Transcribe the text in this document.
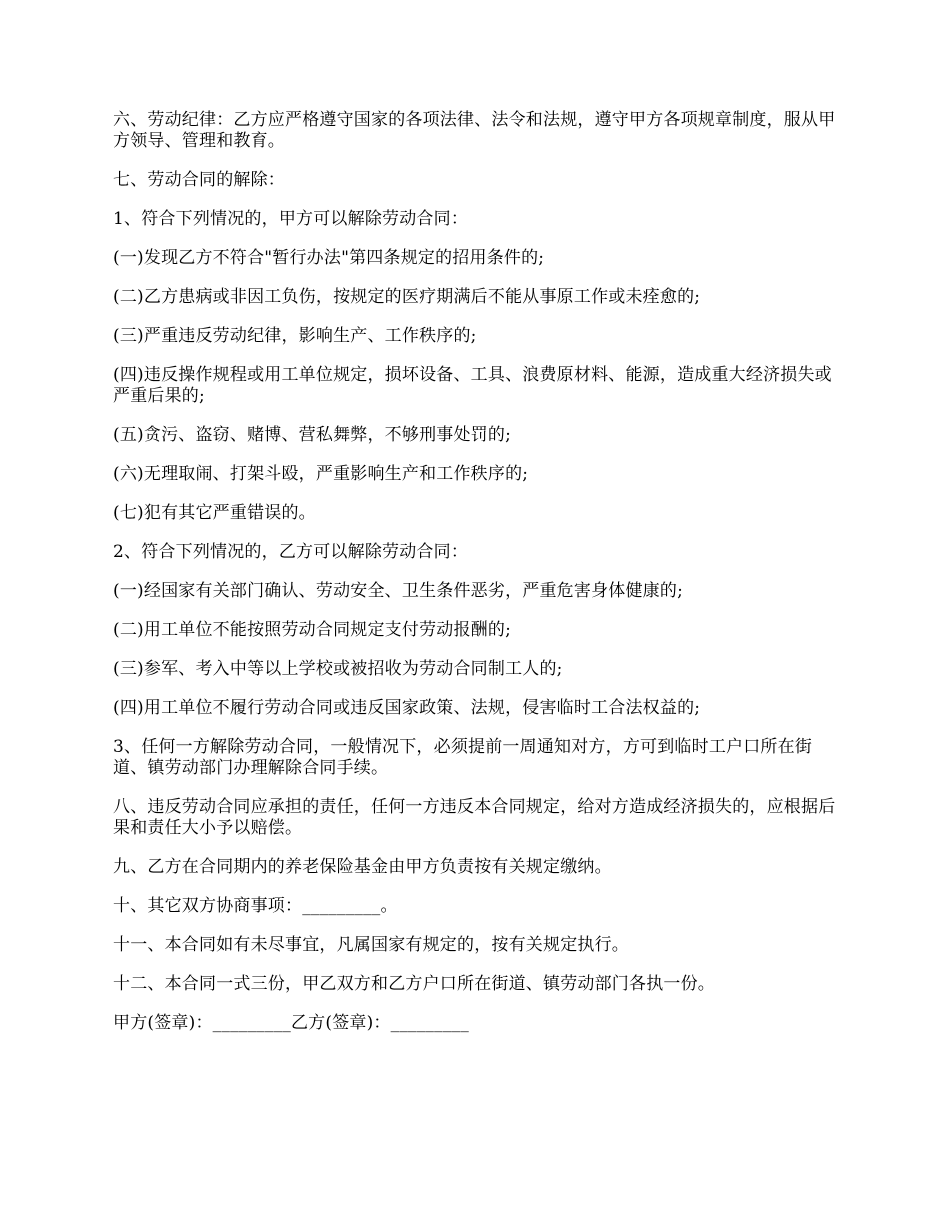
六、劳动纪律：乙方应严格遵守国家的各项法律、法令和法规，遵守甲方各项规章制度，服从甲方领导、管理和教育。

七、劳动合同的解除：

1、符合下列情况的，甲方可以解除劳动合同：

(一)发现乙方不符合"暂行办法"第四条规定的招用条件的;

(二)乙方患病或非因工负伤，按规定的医疗期满后不能从事原工作或未痊愈的;

(三)严重违反劳动纪律，影响生产、工作秩序的;

(四)违反操作规程或用工单位规定，损坏设备、工具、浪费原材料、能源，造成重大经济损失或严重后果的;

(五)贪污、盗窃、赌博、营私舞弊，不够刑事处罚的;

(六)无理取闹、打架斗殴，严重影响生产和工作秩序的;

(七)犯有其它严重错误的。

2、符合下列情况的，乙方可以解除劳动合同：

(一)经国家有关部门确认、劳动安全、卫生条件恶劣，严重危害身体健康的;

(二)用工单位不能按照劳动合同规定支付劳动报酬的;

(三)参军、考入中等以上学校或被招收为劳动合同制工人的;

(四)用工单位不履行劳动合同或违反国家政策、法规，侵害临时工合法权益的;

3、任何一方解除劳动合同，一般情况下，必须提前一周通知对方，方可到临时工户口所在街道、镇劳动部门办理解除合同手续。

八、违反劳动合同应承担的责任，任何一方违反本合同规定，给对方造成经济损失的，应根据后果和责任大小予以赔偿。

九、乙方在合同期内的养老保险基金由甲方负责按有关规定缴纳。

十、其它双方协商事项：_________。

十一、本合同如有未尽事宜，凡属国家有规定的，按有关规定执行。

十二、本合同一式三份，甲乙双方和乙方户口所在街道、镇劳动部门各执一份。

甲方(签章)：_________乙方(签章)：_________
